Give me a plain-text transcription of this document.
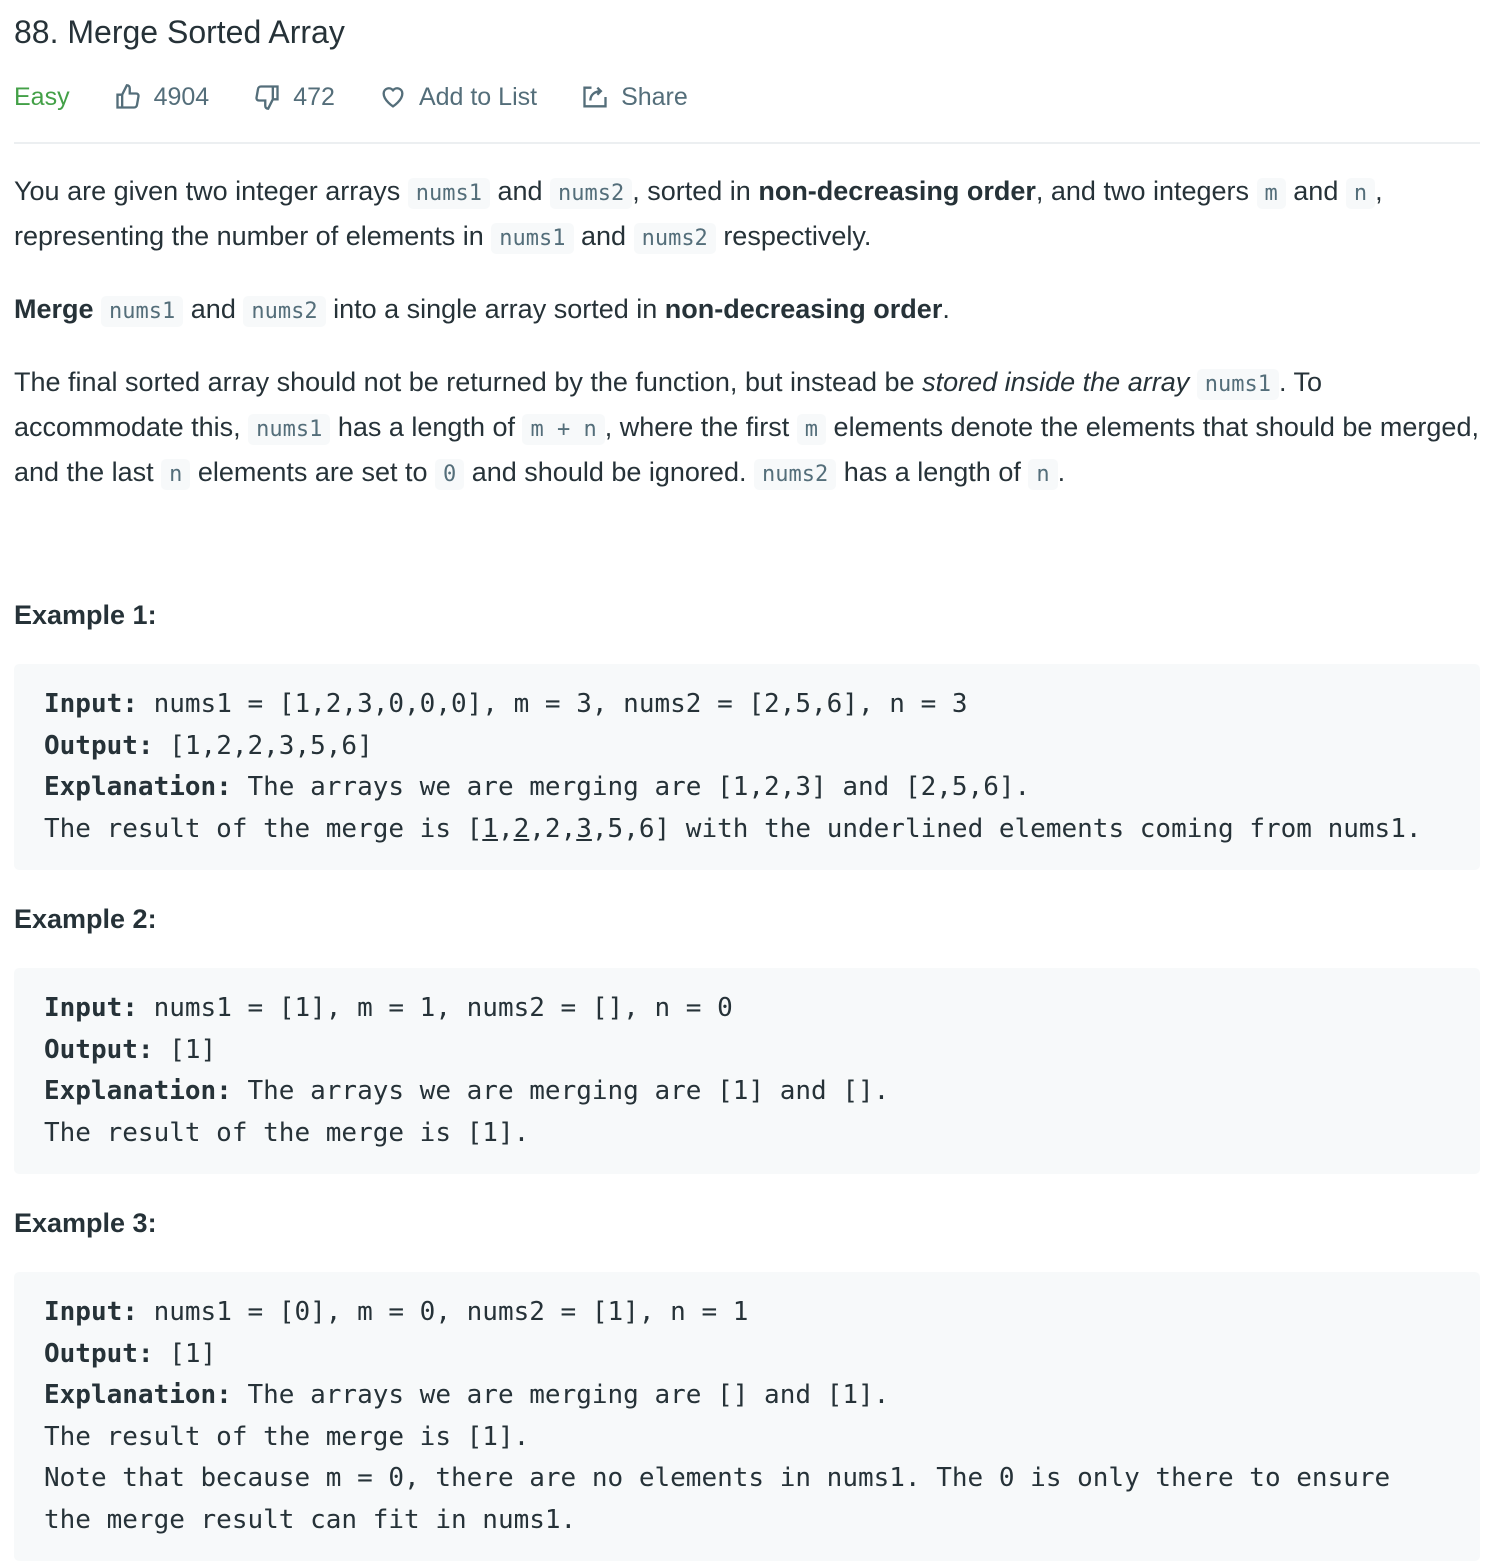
88. Merge Sorted Array
Easy	4904	472	Add to List	Share

You are given two integer arrays nums1 and nums2 , sorted in non-decreasing order, and two integers m and n , representing the number of elements in nums1 and nums2 respectively.

Merge nums1 and nums2 into a single array sorted in non-decreasing order.

The final sorted array should not be returned by the function, but instead be stored inside the array nums1 . To accommodate this, nums1 has a length of m + n , where the first m elements denote the elements that should be merged, and the last n elements are set to 0 and should be ignored. nums2 has a length of n .

Example 1:
Input: nums1 = [1,2,3,0,0,0], m = 3, nums2 = [2,5,6], n = 3
Output: [1,2,2,3,5,6]
Explanation: The arrays we are merging are [1,2,3] and [2,5,6].
The result of the merge is [1,2,2,3,5,6] with the underlined elements coming from nums1.
Example 2:
Input: nums1 = [1], m = 1, nums2 = [], n = 0
Output: [1]
Explanation: The arrays we are merging are [1] and [].
The result of the merge is [1].
Example 3:
Input: nums1 = [0], m = 0, nums2 = [1], n = 1
Output: [1]
Explanation: The arrays we are merging are [] and [1].
The result of the merge is [1].
Note that because m = 0, there are no elements in nums1. The 0 is only there to ensure
the merge result can fit in nums1.
